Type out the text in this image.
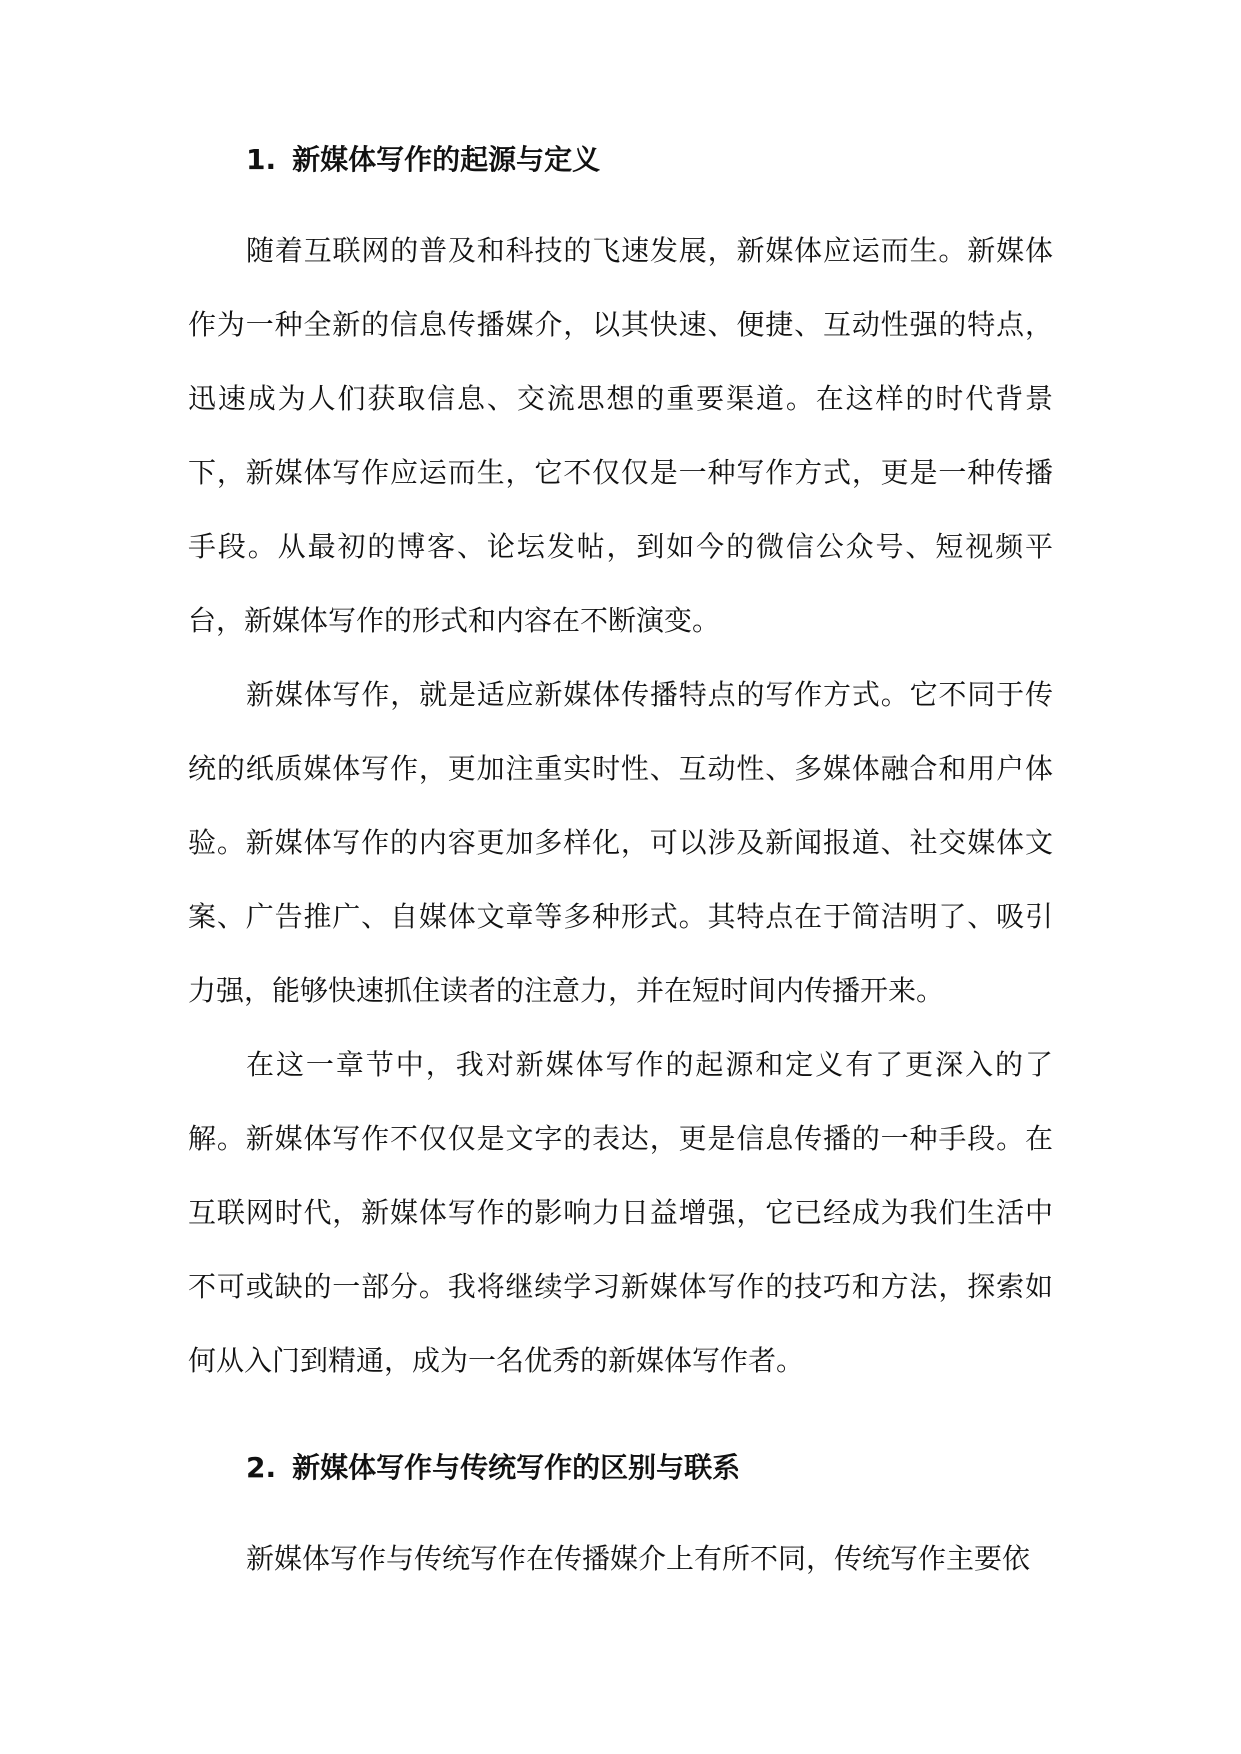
1. 新媒体写作的起源与定义

随着互联网的普及和科技的飞速发展，新媒体应运而生。新媒体作为一种全新的信息传播媒介，以其快速、便捷、互动性强的特点，迅速成为人们获取信息、交流思想的重要渠道。在这样的时代背景下，新媒体写作应运而生，它不仅仅是一种写作方式，更是一种传播手段。从最初的博客、论坛发帖，到如今的微信公众号、短视频平台，新媒体写作的形式和内容在不断演变。

新媒体写作，就是适应新媒体传播特点的写作方式。它不同于传统的纸质媒体写作，更加注重实时性、互动性、多媒体融合和用户体验。新媒体写作的内容更加多样化，可以涉及新闻报道、社交媒体文案、广告推广、自媒体文章等多种形式。其特点在于简洁明了、吸引力强，能够快速抓住读者的注意力，并在短时间内传播开来。

在这一章节中，我对新媒体写作的起源和定义有了更深入的了解。新媒体写作不仅仅是文字的表达，更是信息传播的一种手段。在互联网时代，新媒体写作的影响力日益增强，它已经成为我们生活中不可或缺的一部分。我将继续学习新媒体写作的技巧和方法，探索如何从入门到精通，成为一名优秀的新媒体写作者。

2. 新媒体写作与传统写作的区别与联系

新媒体写作与传统写作在传播媒介上有所不同，传统写作主要依
